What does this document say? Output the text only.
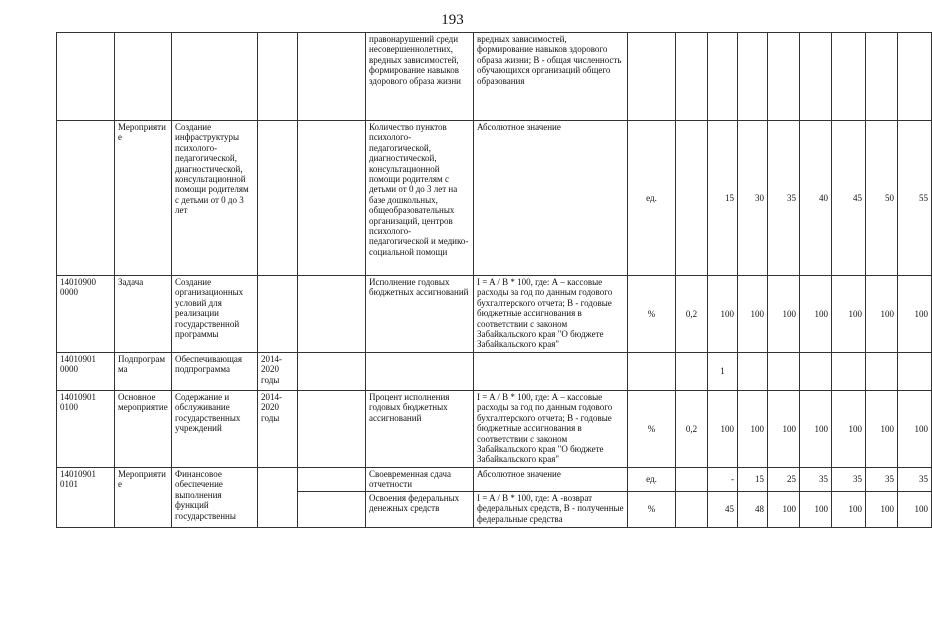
193
					правонарушений среди несовершеннолетних, вредных зависимостей, формирование навыков здорового образа жизни	вредных зависимостей, формирование навыков здорового образа жизни; В - общая численность обучающихся организаций общего образования									
	Мероприятие	Создание инфраструктуры психолого-педагогической, диагностической, консультационной помощи родителям с детьми от 0 до 3 лет			Количество пунктов психолого-педагогической, диагностической, консультационной помощи родителям с детьми от 0 до 3 лет на базе дошкольных, общеобразовательных организаций, центров психолого-педагогической и медико-социальной помощи	Абсолютное значение	ед.		15	30	35	40	45	50	55
14010900 0000	Задача	Создание организационных условий для реализации государственной программы			Исполнение годовых бюджетных ассигнований	I = A / B * 100, где: А – кассовые расходы за год по данным годового бухгалтерского отчета; В - годовые бюджетные ассигнования в соответствии с законом Забайкальского края "О бюджете Забайкальского края"	%	0,2	100	100	100	100	100	100	100
14010901 0000	Подпрограмма	Обеспечивающая подпрограмма	2014-2020 годы						1						
14010901 0100	Основное мероприятие	Содержание и обслуживание государственных учреждений	2014-2020 годы		Процент исполнения годовых бюджетных ассигнований	I = A / B * 100, где: А – кассовые расходы за год по данным годового бухгалтерского отчета; В - годовые бюджетные ассигнования в соответствии с законом Забайкальского края "О бюджете Забайкальского края"	%	0,2	100	100	100	100	100	100	100
14010901 0101	Мероприятие	Финансовое обеспечение выполнения функций государственны			Своевременная сдача отчетности	Абсолютное значение	ед.		-	15	25	35	35	35	35
					Освоения федеральных денежных средств	I = A / B * 100, где: А -возврат федеральных средств, В - полученные федеральные средства	%		45	48	100	100	100	100	100
